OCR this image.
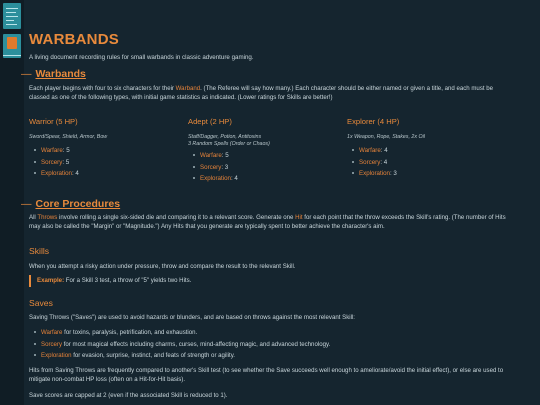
WARBANDS
A living document recording rules for small warbands in classic adventure gaming.
— Warbands

Each player begins with four to six characters for their Warband. (The Referee will say how many.) Each character should be either named or given a title, and each must be classed as one of the following types, with initial game statistics as indicated. (Lower ratings for Skills are better!)

Warrior (5 HP)
Sword/Spear, Shield, Armor, Bow
Warfare: 5
Sorcery: 5
Exploration: 4
Adept (2 HP)
Staff/Dagger, Potion, Antitoxins
3 Random Spells (Order or Chaos)
Warfare: 5
Sorcery: 3
Exploration: 4
Explorer (4 HP)
1x Weapon, Rope, Stakes, 2x Oil
Warfare: 4
Sorcery: 4
Exploration: 3
— Core Procedures

All Throws involve rolling a single six-sided die and comparing it to a relevant score. Generate one Hit for each point that the throw exceeds the Skill's rating. (The number of Hits may also be called the "Margin" or "Magnitude.") Any Hits that you generate are typically spent to better achieve the character's aim.

Skills

When you attempt a risky action under pressure, throw and compare the result to the relevant Skill.

Example: For a Skill 3 test, a throw of "5" yields two Hits.
Saves

Saving Throws ("Saves") are used to avoid hazards or blunders, and are based on throws against the most relevant Skill:

Warfare for toxins, paralysis, petrification, and exhaustion.
Sorcery for most magical effects including charms, curses, mind-affecting magic, and advanced technology.
Exploration for evasion, surprise, instinct, and feats of strength or agility.

Hits from Saving Throws are frequently compared to another's Skill test (to see whether the Save succeeds well enough to ameliorate/avoid the initial effect), or else are used to mitigate non-combat HP loss (often on a Hit-for-Hit basis).

Save scores are capped at 2 (even if the associated Skill is reduced to 1).
